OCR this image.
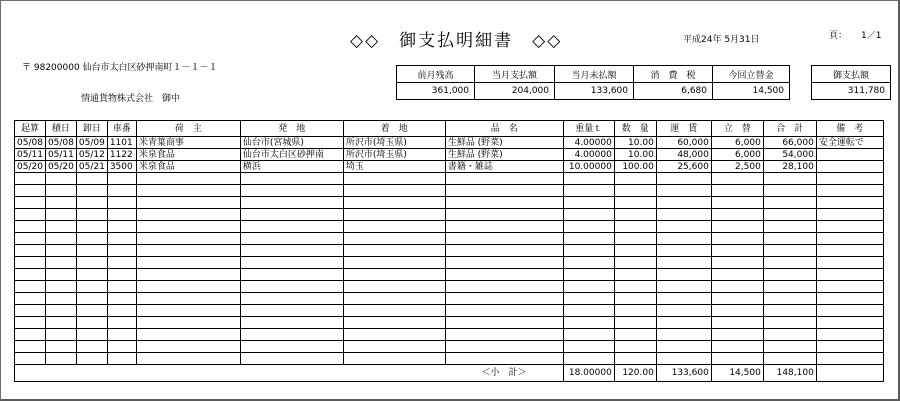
◇◇　御支払明細書　◇◇	平成24年 5月31日	頁： 1／1
〒 98200000 仙台市太白区砂押南町１－１－１
情通貨物株式会社　御中
前月残高	当月支払額	当月未払額	消　費　税	今回立替金
361,000	204,000	133,600	6,680	14,500
御支払額
311,780
起算	積日	卸日	車番	荷　主	発　地	着　地	品　名	重量ｔ	数　量	運　賃	立　替	合　計	備　考
05/08	05/08	05/09	1101	米青葉商事	仙台市(宮城県)	所沢市(埼玉県)	生鮮品 (野菜)	4.00000	10.00	60,000	6,000	66,000	安全運転で
05/11	05/11	05/12	1122	米泉食品	仙台市太白区砂押南	所沢市(埼玉県)	生鮮品 (野菜)	4.00000	10.00	48,000	6,000	54,000	
05/20	05/20	05/21	3500	米泉食品	横浜	埼玉	書籍・雑誌	10.00000	100.00	25,600	2,500	28,100	

							＜小　計＞	18.00000	120.00	133,600	14,500	148,100	
